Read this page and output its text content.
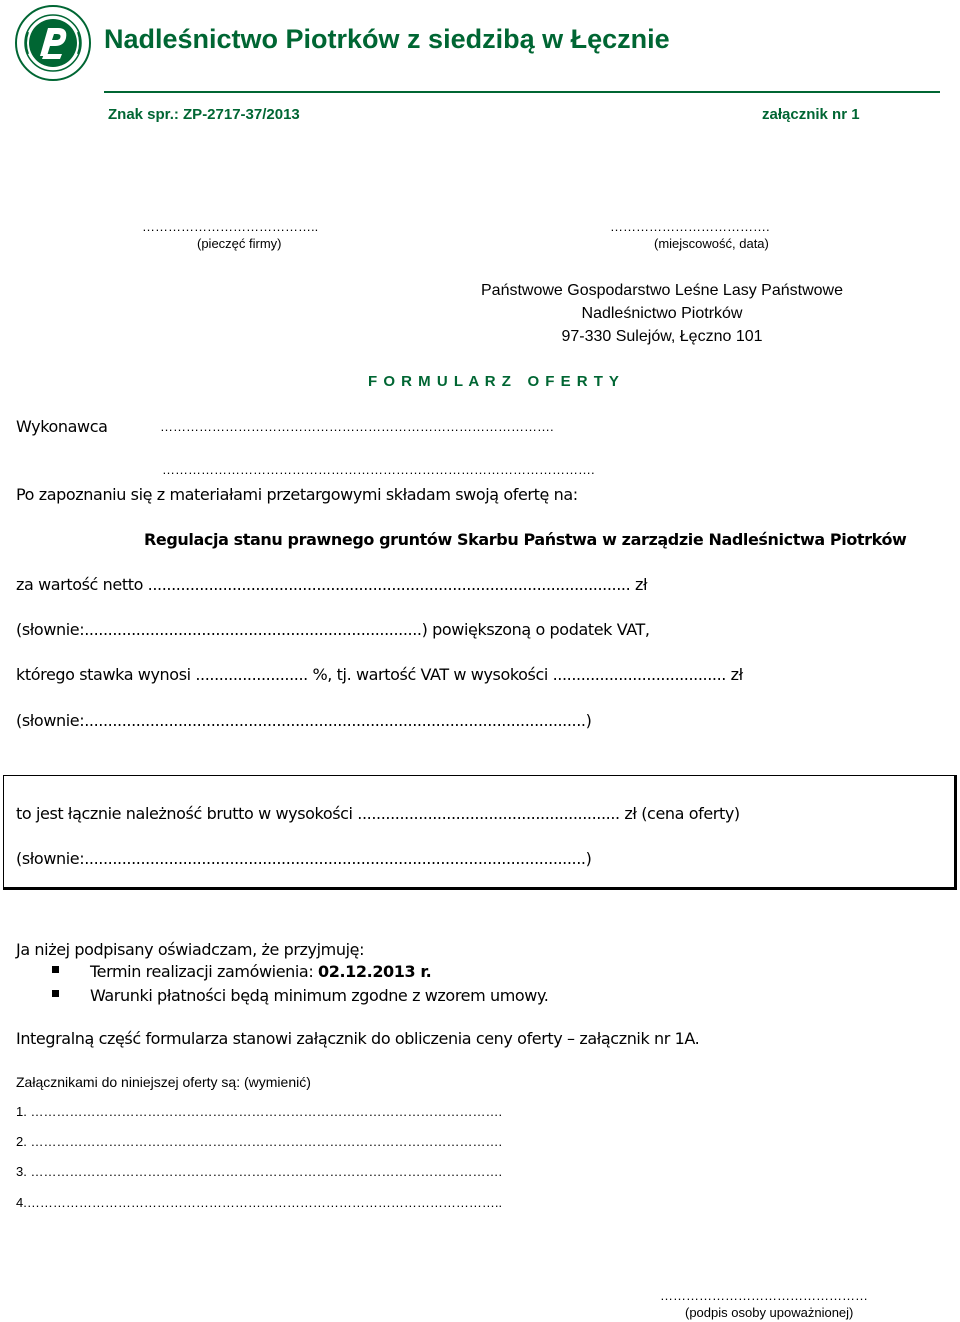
Nadleśnictwo Piotrków z siedzibą w Łęcznie
Znak spr.: ZP-2717-37/2013	załącznik nr 1
…………………………………..
(pieczęć firmy)
……………………………….
(miejscowość, data)
Państwowe Gospodarstwo Leśne Lasy Państwowe
Nadleśnictwo Piotrków
97-330 Sulejów, Łęczno 101
F O R M U L A R Z   O F E R T Y
Wykonawca	……………………………………………………………………………….
……………………………………………………………………………………….
Po zapoznaniu się z materiałami przetargowymi składam swoją ofertę na:
Regulacja stanu prawnego gruntów Skarbu Państwa w zarządzie Nadleśnictwa Piotrków
za wartość netto ....................................................................................................... zł
(słownie:........................................................................) powiększoną o podatek VAT,
którego stawka wynosi ........................ %, tj. wartość VAT w wysokości ..................................... zł
(słownie:...........................................................................................................)
to jest łącznie należność brutto w wysokości ........................................................ zł (cena oferty)
(słownie:...........................................................................................................)
Ja niżej podpisany oświadczam, że przyjmuję:
Termin realizacji zamówienia: 02.12.2013 r.
Warunki płatności będą minimum zgodne z wzorem umowy.
Integralną część formularza stanowi załącznik do obliczenia ceny oferty – załącznik nr 1A.
Załącznikami do niniejszej oferty są: (wymienić)
1. ……………………………………………………………………………………………….
2. ……………………………………………………………………………………………….
3. ……………………………………………………………………………………………….
4.………………………………………………………………………………………………..
…………………………………………
(podpis osoby upoważnionej)
